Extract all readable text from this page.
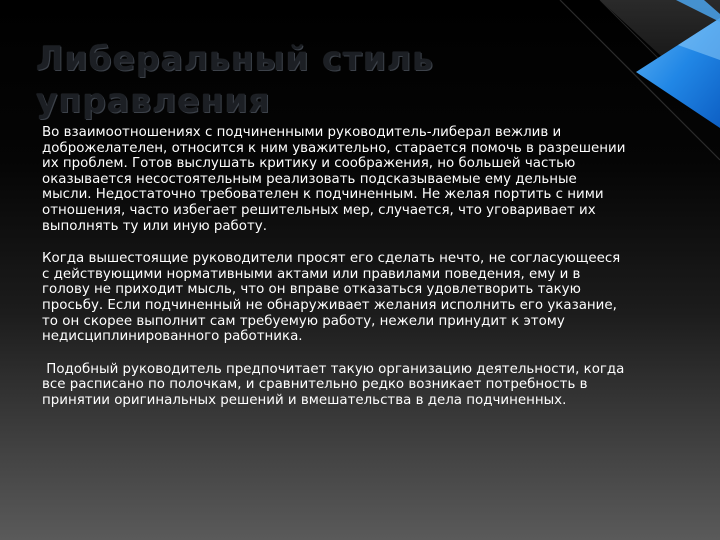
Либеральный стиль
управления

Во взаимоотношениях с подчиненными руководитель-либерал вежлив и доброжелателен, относится к ним уважительно, старается помочь в разрешении их проблем. Готов выслушать критику и соображения, но большей частью оказывается несостоятельным реализовать подсказываемые ему дельные мысли. Недостаточно требователен к подчиненным. Не желая портить с ними отношения, часто избегает решительных мер, случается, что уговаривает их выполнять ту или иную работу.

Когда вышестоящие руководители просят его сделать нечто, не согласующееся с действующими нормативными актами или правилами поведения, ему и в голову не приходит мысль, что он вправе отказаться удовлетворить такую просьбу. Если подчиненный не обнаруживает желания исполнить его указание, то он скорее выполнит сам требуемую работу, нежели принудит к этому недисциплинированного работника.

Подобный руководитель предпочитает такую организацию деятельности, когда все расписано по полочкам, и сравнительно редко возникает потребность в принятии оригинальных решений и вмешательства в дела подчиненных.
